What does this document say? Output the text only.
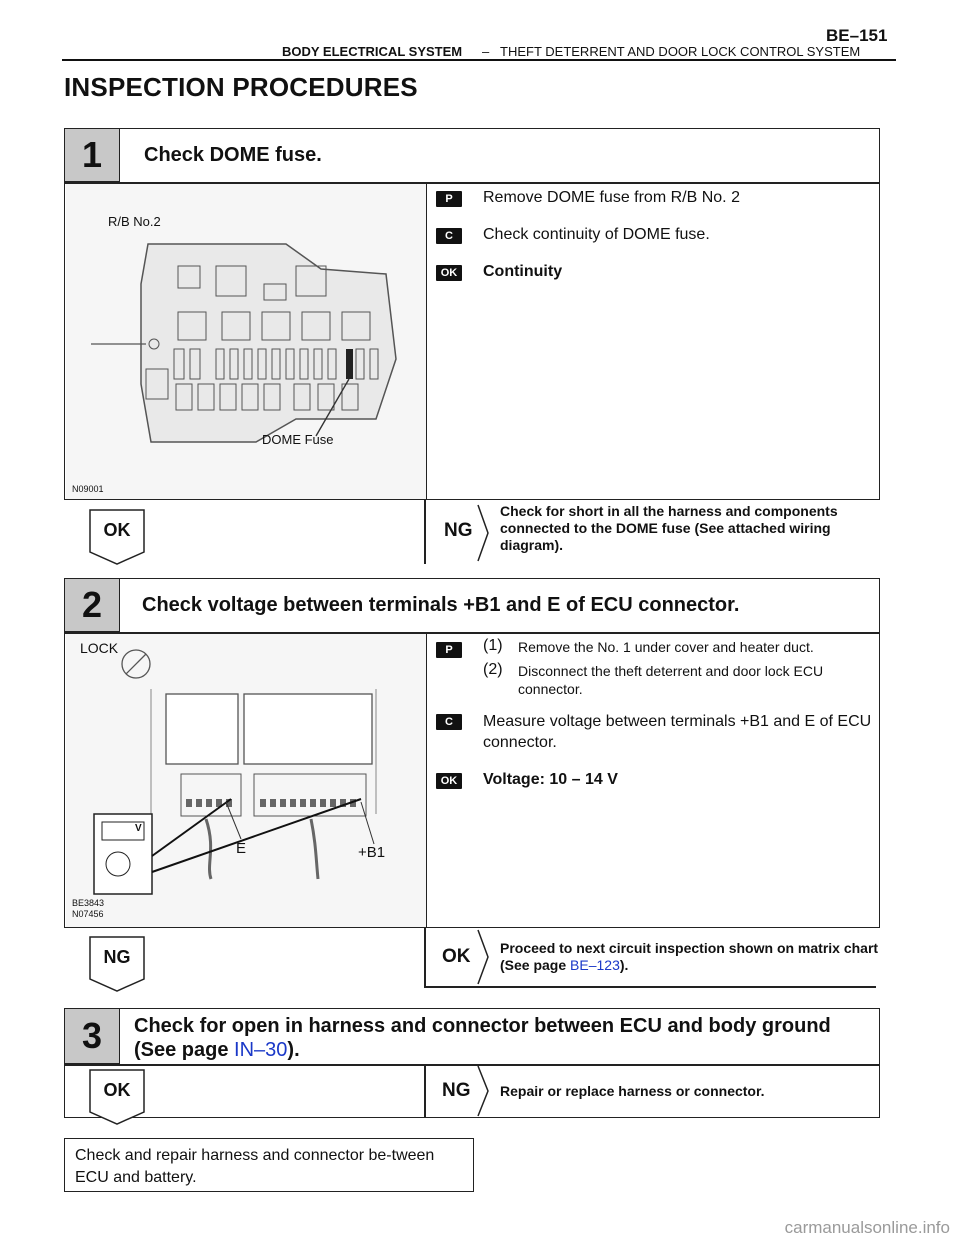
BE–151
BODY ELECTRICAL SYSTEM – THEFT DETERRENT AND DOOR LOCK CONTROL SYSTEM
INSPECTION PROCEDURES
1	Check DOME fuse.
R/B No.2
DOME Fuse
N09001
P	Remove DOME fuse from R/B No. 2
C	Check continuity of DOME fuse.
OK Continuity
OK	NG
Check for short in all the harness and components connected to the DOME fuse (See attached wiring diagram).
2	Check voltage between terminals +B1 and E of ECU connector.
LOCK
V
E	+B1
BE3843
N07456
P	(1) Remove the No. 1 under cover and heater duct.
(2) Disconnect the theft deterrent and door lock ECU connector.
C	Measure voltage between terminals +B1 and E of ECU connector.
OK Voltage: 10 – 14 V
NG	OK Proceed to next circuit inspection shown on matrix chart (See page BE–123).
3	Check for open in harness and connector between ECU and body ground
(See page IN–30).
OK	NG Repair or replace harness or connector.
Check and repair harness and connector be-tween ECU and battery.
carmanualsonline.info
